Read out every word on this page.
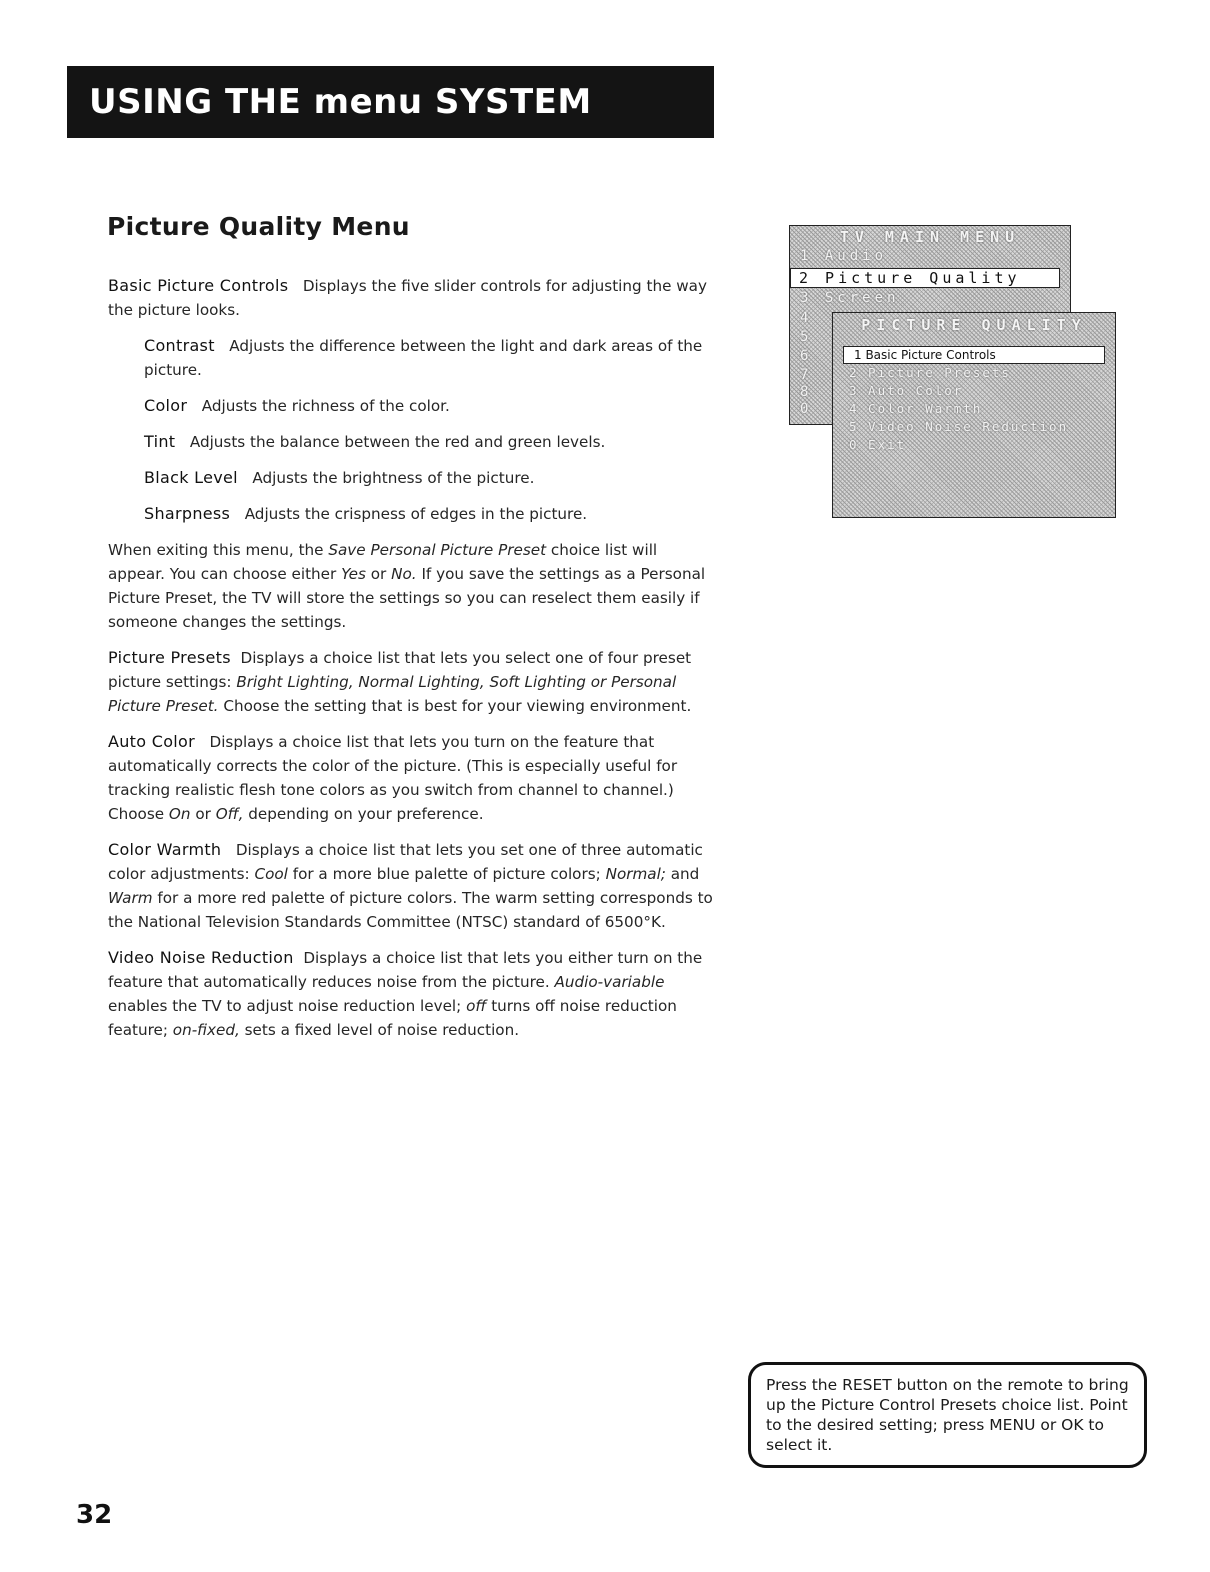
USING THE menu SYSTEM
Picture Quality Menu

Basic Picture Controls Displays the five slider controls for adjusting the way the picture looks.

Contrast Adjusts the difference between the light and dark areas of the picture.

Color Adjusts the richness of the color.

Tint Adjusts the balance between the red and green levels.

Black Level Adjusts the brightness of the picture.

Sharpness Adjusts the crispness of edges in the picture.

When exiting this menu, the Save Personal Picture Preset choice list will appear. You can choose either Yes or No. If you save the settings as a Personal Picture Preset, the TV will store the settings so you can reselect them easily if someone changes the settings.

Picture Presets Displays a choice list that lets you select one of four preset picture settings: Bright Lighting, Normal Lighting, Soft Lighting or Personal Picture Preset. Choose the setting that is best for your viewing environment.

Auto Color Displays a choice list that lets you turn on the feature that automatically corrects the color of the picture. (This is especially useful for tracking realistic flesh tone colors as you switch from channel to channel.) Choose On or Off, depending on your preference.

Color Warmth Displays a choice list that lets you set one of three automatic color adjustments: Cool for a more blue palette of picture colors; Normal; and Warm for a more red palette of picture colors. The warm setting corresponds to the National Television Standards Committee (NTSC) standard of 6500°K.

Video Noise Reduction Displays a choice list that lets you either turn on the feature that automatically reduces noise from the picture. Audio-variable enables the TV to adjust noise reduction level; off turns off noise reduction feature; on-fixed, sets a fixed level of noise reduction.

TV MAIN MENU
1 Audio
2 Picture Quality
3 Screen
4
5
6
7
8
0
PICTURE QUALITY
1 Basic Picture Controls
2 Picture Presets
3 Auto Color
4 Color Warmth
5 Video Noise Reduction
0 Exit
Press the RESET button on the remote to bring up the Picture Control Presets choice list. Point to the desired setting; press MENU or OK to select it.
32
